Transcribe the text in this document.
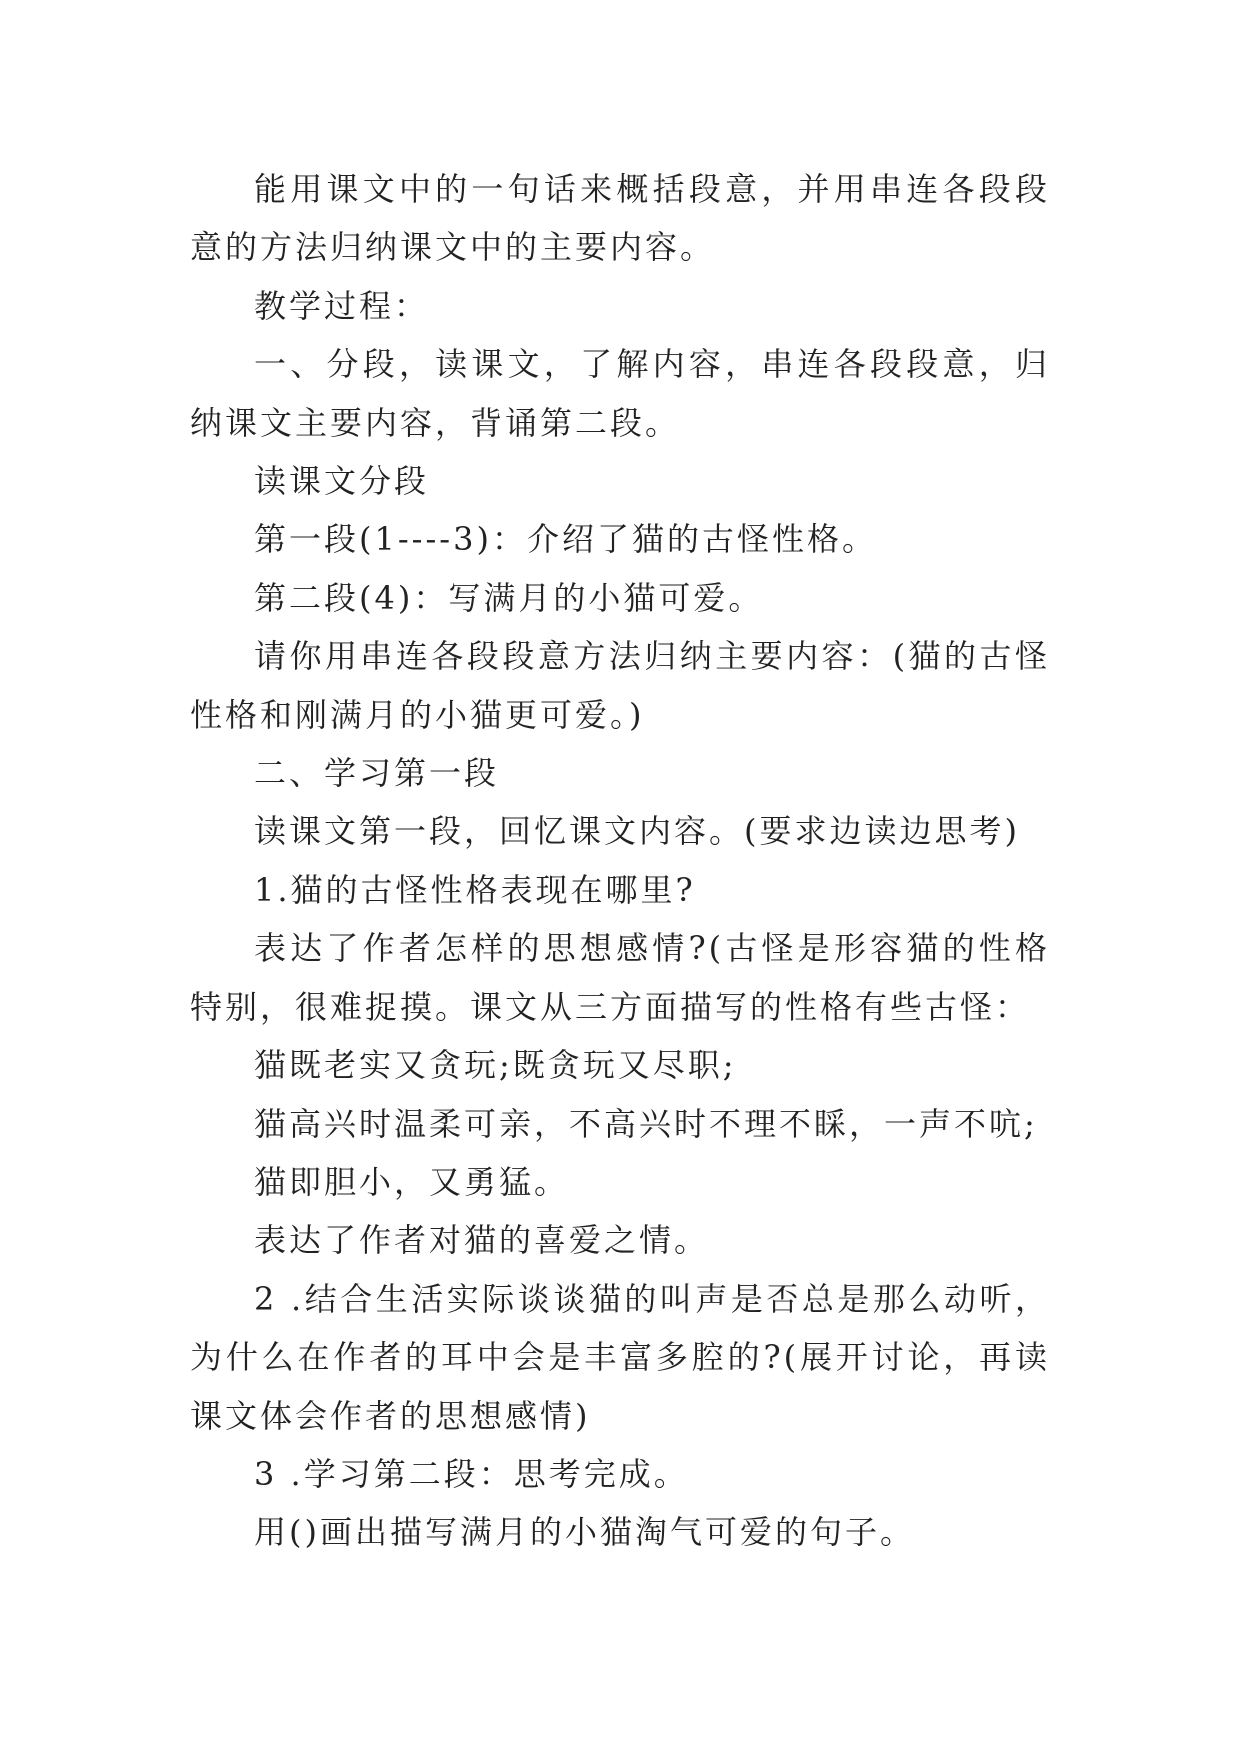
能用课文中的一句话来概括段意，并用串连各段段意的方法归纳课文中的主要内容。

教学过程：

一、分段，读课文，了解内容，串连各段段意，归纳课文主要内容，背诵第二段。

读课文分段

第一段(1----3)：介绍了猫的古怪性格。

第二段(4)：写满月的小猫可爱。

请你用串连各段段意方法归纳主要内容：(猫的古怪性格和刚满月的小猫更可爱。)

二、学习第一段

读课文第一段，回忆课文内容。(要求边读边思考)

1.猫的古怪性格表现在哪里?

表达了作者怎样的思想感情?(古怪是形容猫的性格特别，很难捉摸。课文从三方面描写的性格有些古怪：

猫既老实又贪玩;既贪玩又尽职;

猫高兴时温柔可亲，不高兴时不理不睬，一声不吭;

猫即胆小，又勇猛。

表达了作者对猫的喜爱之情。

2 .结合生活实际谈谈猫的叫声是否总是那么动听，为什么在作者的耳中会是丰富多腔的?(展开讨论，再读课文体会作者的思想感情)

3 .学习第二段：思考完成。

用()画出描写满月的小猫淘气可爱的句子。
